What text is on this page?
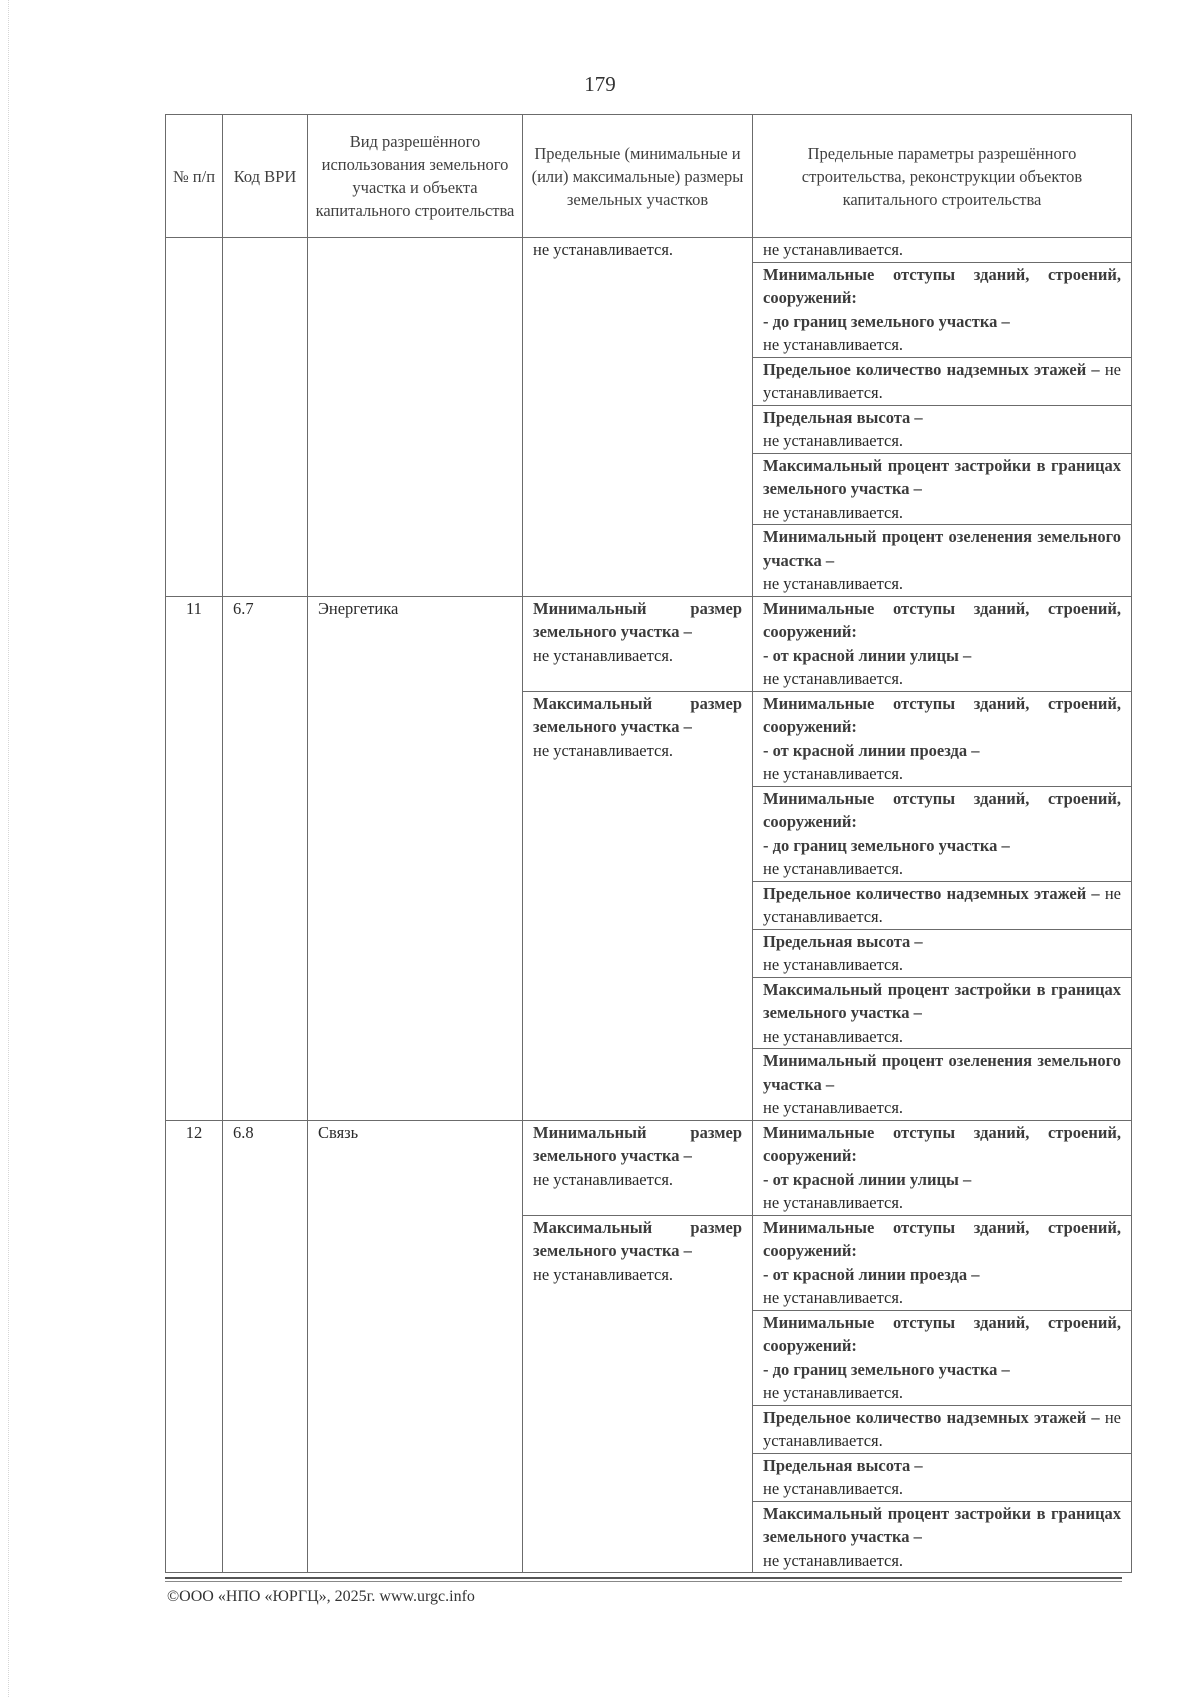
179
№ п/п	Код ВРИ	Вид разрешённого использования земельного участка и объекта капитального строительства	Предельные (минимальные и (или) максимальные) размеры земельных участков	Предельные параметры разрешённого строительства, реконструкции объектов капитального строительства
			не устанавливается.	не устанавливается.

				Минимальные отступы зданий, строений, сооружений:
- до границ земельного участка –
не устанавливается.

				Предельное количество надземных этажей – не устанавливается.

				Предельная высота –
не устанавливается.

				Максимальный процент застройки в границах земельного участка –
не устанавливается.

				Минимальный процент озеленения земельного участка –
не устанавливается.

11	6.7	Энергетика	Минимальный размер земельного участка –
не устанавливается.	Минимальные отступы зданий, строений, сооружений:
- от красной линии улицы –
не устанавливается.

			Максимальный размер земельного участка –
не устанавливается.	Минимальные отступы зданий, строений, сооружений:
- от красной линии проезда –
не устанавливается.

				Минимальные отступы зданий, строений, сооружений:
- до границ земельного участка –
не устанавливается.

				Предельное количество надземных этажей – не устанавливается.

				Предельная высота –
не устанавливается.

				Максимальный процент застройки в границах земельного участка –
не устанавливается.

				Минимальный процент озеленения земельного участка –
не устанавливается.

12	6.8	Связь	Минимальный размер земельного участка –
не устанавливается.	Минимальные отступы зданий, строений, сооружений:
- от красной линии улицы –
не устанавливается.

			Максимальный размер земельного участка –
не устанавливается.	Минимальные отступы зданий, строений, сооружений:
- от красной линии проезда –
не устанавливается.

				Минимальные отступы зданий, строений, сооружений:
- до границ земельного участка –
не устанавливается.

				Предельное количество надземных этажей – не устанавливается.

				Предельная высота –
не устанавливается.

				Максимальный процент застройки в границах земельного участка –
не устанавливается.
©ООО «НПО «ЮРГЦ», 2025г. www.urgc.info
